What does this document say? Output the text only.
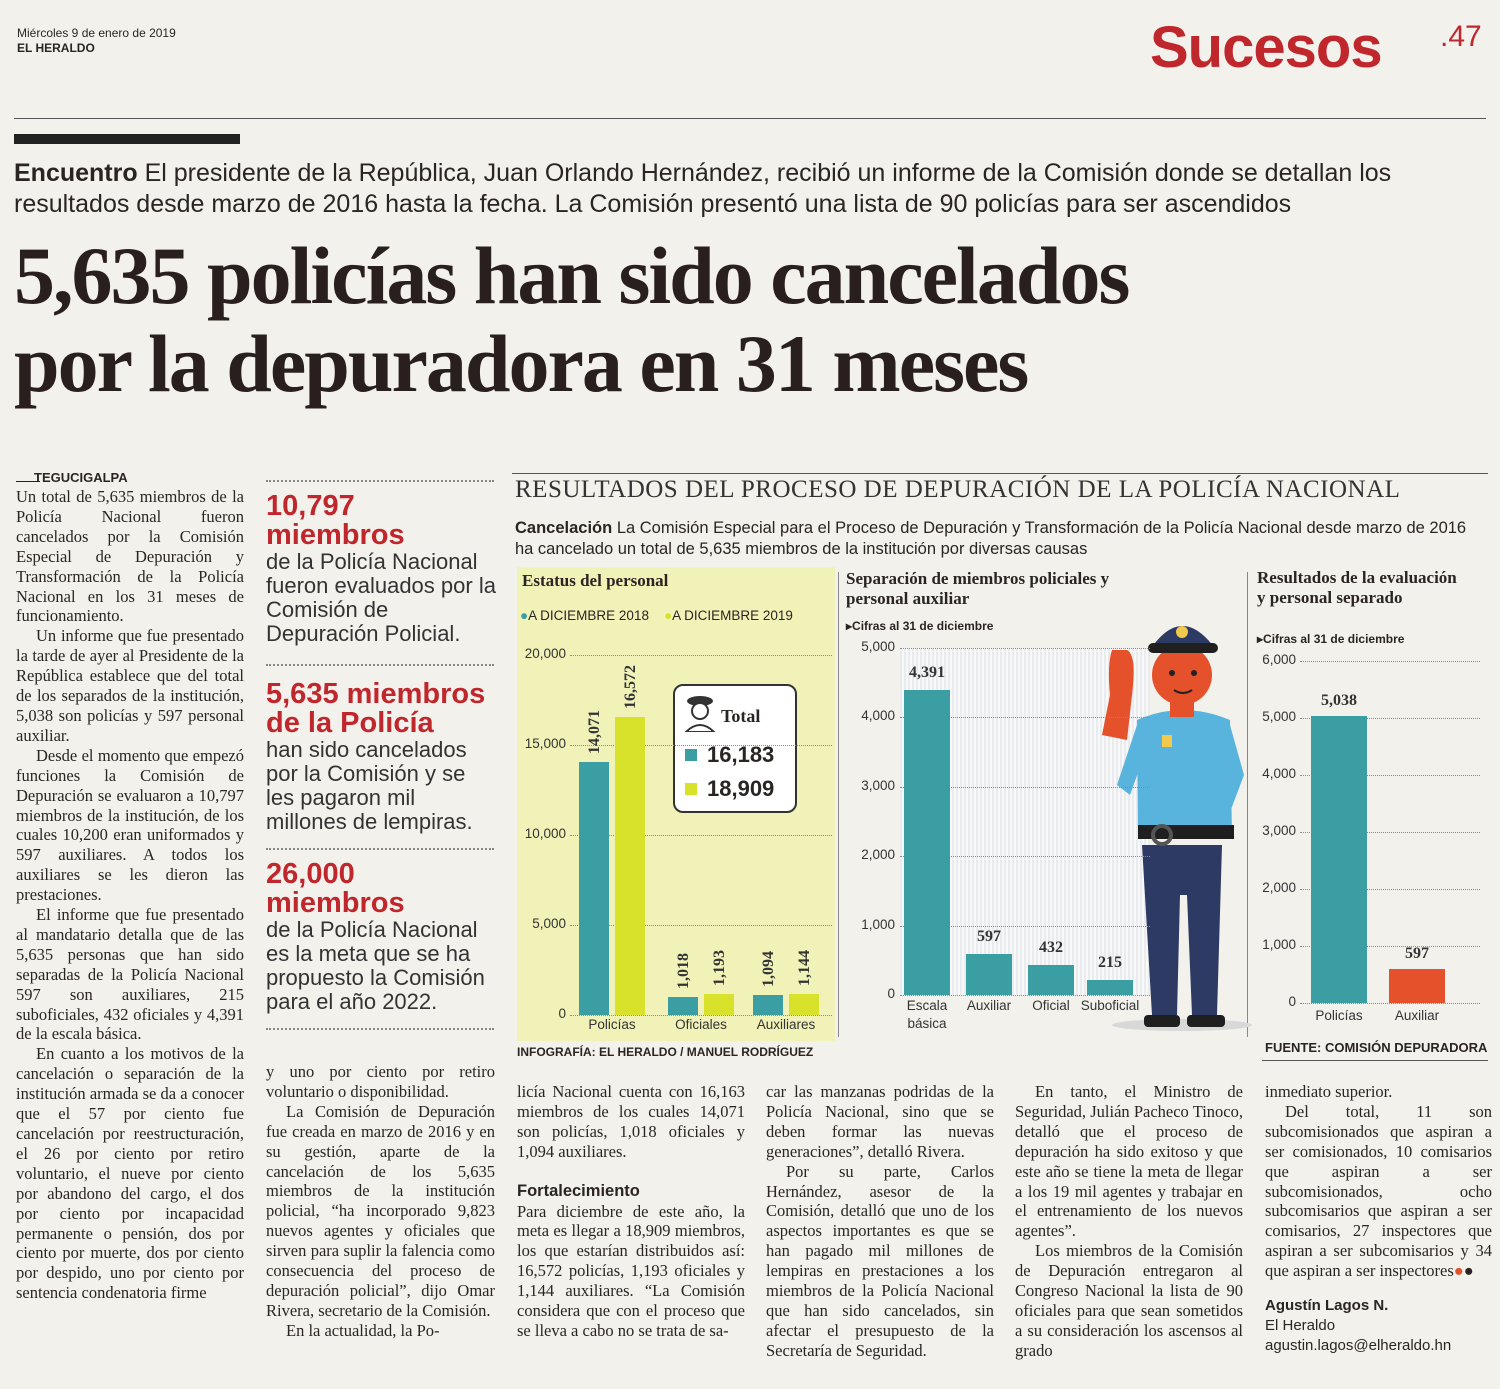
Miércoles 9 de enero de 2019
EL HERALDO	Sucesos .47
Encuentro El presidente de la República, Juan Orlando Hernández, recibió un informe de la Comisión donde se detallan los resultados desde marzo de 2016 hasta la fecha. La Comisión presentó una lista de 90 policías para ser ascendidos
5,635 policías han sido cancelados
por la depuradora en 31 meses
TEGUCIGALPA

Un total de 5,635 miembros de la Policía Nacional fueron cancelados por la Comisión Especial de Depuración y Transformación de la Policía Nacional en los 31 meses de funcionamiento.

Un informe que fue presentado la tarde de ayer al Presidente de la República establece que del total de los separados de la institución, 5,038 son policías y 597 personal auxiliar.

Desde el momento que empezó funciones la Comisión de Depuración se evaluaron a 10,797 miembros de la institución, de los cuales 10,200 eran uniformados y 597 auxiliares. A todos los auxiliares se les dieron las prestaciones.

El informe que fue presentado al mandatario detalla que de las 5,635 personas que han sido separadas de la Policía Nacional 597 son auxiliares, 215 suboficiales, 432 oficiales y 4,391 de la escala básica.

En cuanto a los motivos de la cancelación o separación de la institución armada se da a conocer que el 57 por ciento fue cancelación por reestructuración, el 26 por ciento por retiro voluntario, el nueve por ciento por abandono del cargo, el dos por ciento por incapacidad permanente o pensión, dos por ciento por muerte, dos por ciento por despido, uno por ciento por sentencia condenatoria firme

10,797
miembros
de la Policía Nacional fueron evaluados por la Comisión de Depuración Policial.
5,635 miembros
de la Policía
han sido cancelados por la Comisión y se les pagaron mil millones de lempiras.
26,000
miembros
de la Policía Nacional es la meta que se ha propuesto la Comisión para el año 2022.

y uno por ciento por retiro voluntario o disponibilidad.

La Comisión de Depuración fue creada en marzo de 2016 y en su gestión, aparte de la cancelación de los 5,635 miembros de la institución policial, “ha incorporado 9,823 nuevos agentes y oficiales que sirven para suplir la falencia como consecuencia del proceso de depuración policial”, dijo Omar Rivera, secretario de la Comisión.

En la actualidad, la Po-

RESULTADOS DEL PROCESO DE DEPURACIÓN DE LA POLICÍA NACIONAL
Cancelación La Comisión Especial para el Proceso de Depuración y Transformación de la Policía Nacional desde marzo de 2016 ha cancelado un total de 5,635 miembros de la institución por diversas causas
Estatus del personal
●A DICIEMBRE 2018 ●A DICIEMBRE 2019
Total
16,183
18,909
Separación de miembros policiales y personal auxiliar
▸Cifras al 31 de diciembre
Resultados de la evaluación y personal separado
▸Cifras al 31 de diciembre
0
5,000
10,000
15,000
20,000
14,071
16,572
Policías
1,018 1,193
Oficiales
1,094 1,144
Auxiliares
0
1,000
2,000
3,000
4,000
5,000
4,391
Escala básica
597
Auxiliar
432
Oficial
215
Suboficial	0
1,000
2,000
3,000
4,000
5,000
6,000
5,038
Policías
597
Auxiliar
INFOGRAFÍA: EL HERALDO / MANUEL RODRÍGUEZ	FUENTE: COMISIÓN DEPURADORA

licía Nacional cuenta con 16,163 miembros de los cuales 14,071 son policías, 1,018 oficiales y 1,094 auxiliares.

Fortalecimiento

Para diciembre de este año, la meta es llegar a 18,909 miembros, los que estarían distribuidos así: 16,572 policías, 1,193 oficiales y 1,144 auxiliares. “La Comisión considera que con el proceso que se lleva a cabo no se trata de sa-

car las manzanas podridas de la Policía Nacional, sino que se deben formar las nuevas generaciones”, detalló Rivera.

Por su parte, Carlos Hernández, asesor de la Comisión, detalló que uno de los aspectos importantes es que se han pagado mil millones de lempiras en prestaciones a los miembros de la Policía Nacional que han sido cancelados, sin afectar el presupuesto de la Secretaría de Seguridad.

En tanto, el Ministro de Seguridad, Julián Pacheco Tinoco, detalló que el proceso de depuración ha sido exitoso y que este año se tiene la meta de llegar a los 19 mil agentes y trabajar en el entrenamiento de los nuevos agentes”.

Los miembros de la Comisión de Depuración entregaron al Congreso Nacional la lista de 90 oficiales para que sean sometidos a su consideración los ascensos al grado

inmediato superior.

Del total, 11 son subcomisionados que aspiran a ser comisionados, 10 comisarios que aspiran a ser subcomisionados, ocho subcomisarios que aspiran a ser comisarios, 27 inspectores que aspiran a ser subcomisarios y 34 que aspiran a ser inspectores●●

Agustín Lagos N.
El Heraldo
agustin.lagos@elheraldo.hn
